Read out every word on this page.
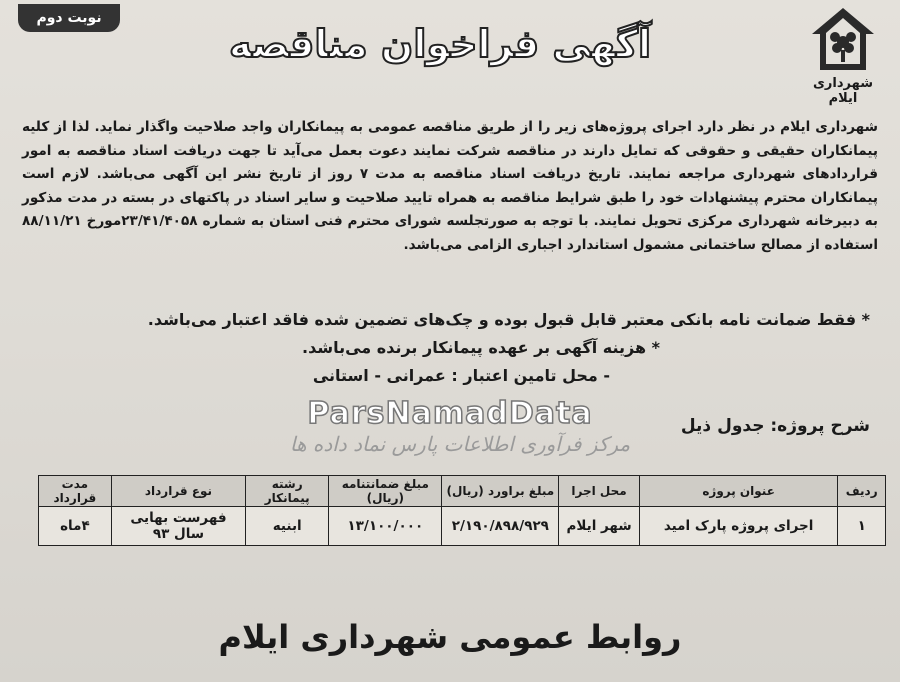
نوبت دوم
آگهی فراخوان مناقصه
شهرداری ایلام
شهرداری ایلام در نظر دارد اجرای پروژه‌های زیر را از طریق مناقصه عمومی به پیمانکاران واجد صلاحیت واگذار نماید. لذا از کلیه پیمانکاران حقیقی و حقوقی که تمایل دارند در مناقصه شرکت نمایند دعوت بعمل می‌آید تا جهت دریافت اسناد مناقصه به امور قراردادهای شهرداری مراجعه نمایند. تاریخ دریافت اسناد مناقصه به مدت ۷ روز از تاریخ نشر این آگهی می‌باشد. لازم است پیمانکاران محترم پیشنهادات خود را طبق شرایط مناقصه به همراه تایید صلاحیت و سایر اسناد در پاکتهای در بسته در مدت مذکور به دبیرخانه شهرداری مرکزی تحویل نمایند. با توجه به صورتجلسه شورای محترم فنی استان به شماره ۲۳/۴۱/۴۰۵۸مورخ ۸۸/۱۱/۲۱ استفاده از مصالح ساختمانی مشمول استاندارد اجباری الزامی می‌باشد.
* فقط ضمانت نامه بانکی معتبر قابل قبول بوده و چک‌های تضمین شده فاقد اعتبار می‌باشد.
* هزینه آگهی بر عهده پیمانکار برنده می‌باشد.
- محل تامین اعتبار : عمرانی - استانی
ParsNamadData
مرکز فرآوری اطلاعات پارس نماد داده ها
شرح پروژه: جدول ذیل
ردیف	عنوان پروژه	محل اجرا	مبلغ براورد (ریال)	مبلغ ضمانتنامه (ریال)	رشته پیمانکار	نوع قرارداد	مدت قرارداد
۱	اجرای پروژه پارک امید	شهر ایلام	۲/۱۹۰/۸۹۸/۹۲۹	۱۳/۱۰۰/۰۰۰	ابنیه	فهرست بهایی سال ۹۳	۴ماه
روابط عمومی شهرداری ایلام
